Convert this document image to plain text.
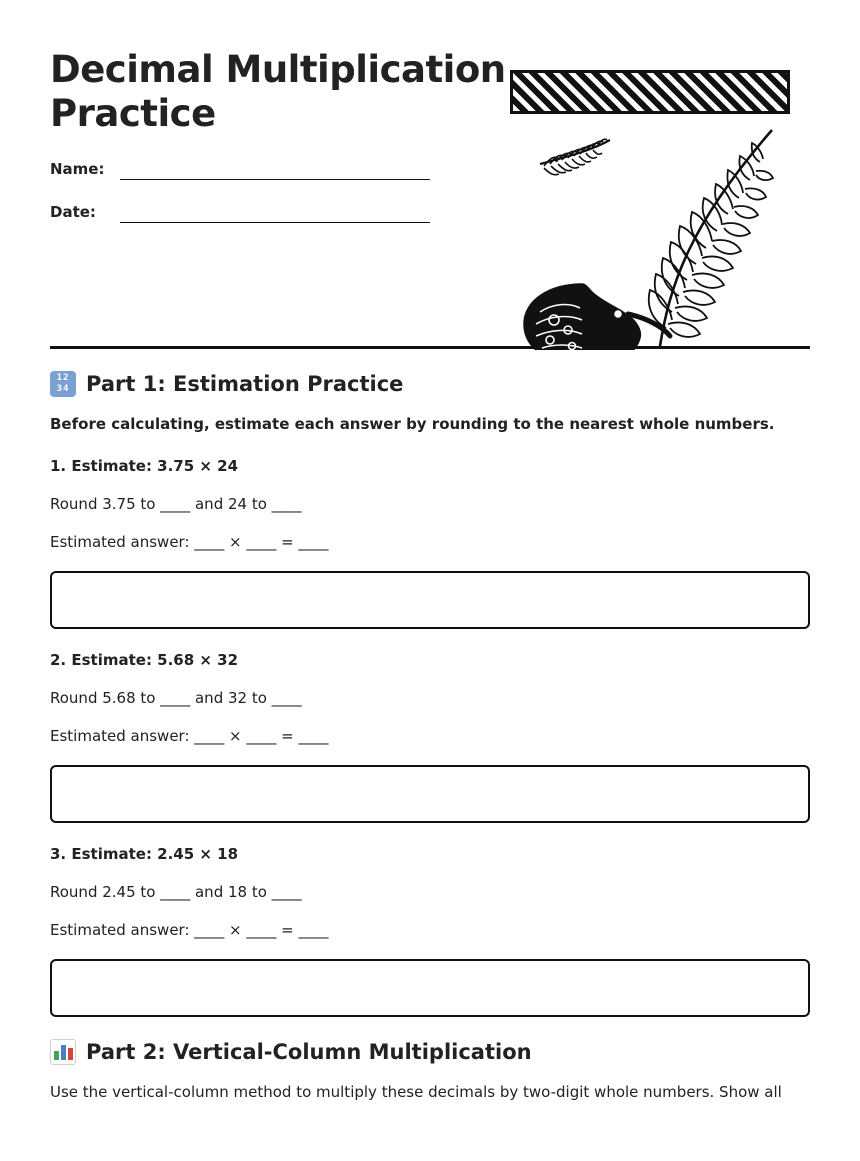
Decimal Multiplication Practice
Name:
Date:
12
34 Part 1: Estimation Practice

Before calculating, estimate each answer by rounding to the nearest whole numbers.

1. Estimate: 3.75 × 24

Round 3.75 to ____ and 24 to ____

Estimated answer: ____ × ____ = ____

2. Estimate: 5.68 × 32

Round 5.68 to ____ and 32 to ____

Estimated answer: ____ × ____ = ____

3. Estimate: 2.45 × 18

Round 2.45 to ____ and 18 to ____

Estimated answer: ____ × ____ = ____

Part 2: Vertical-Column Multiplication

Use the vertical-column method to multiply these decimals by two-digit whole numbers. Show all
